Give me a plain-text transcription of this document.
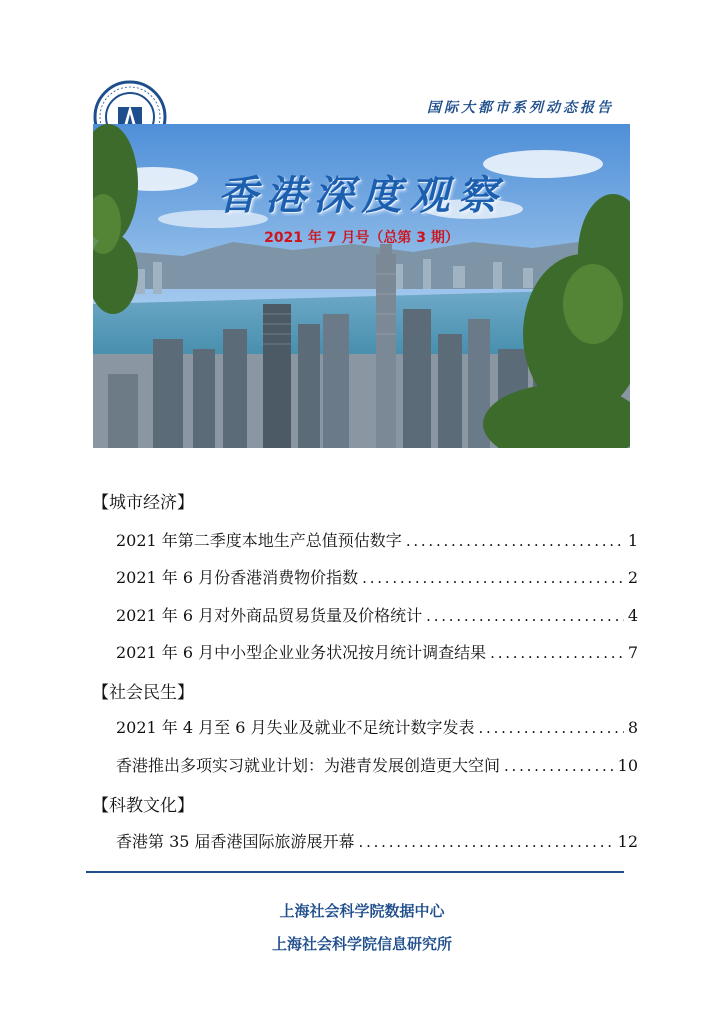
国际大都市系列动态报告
香港深度观察
2021 年 7 月号（总第 3 期）
【城市经济】
2021 年第二季度本地生产总值预估数字 . . .	1
2021 年 6 月份香港消费物价指数 . . .	2
2021 年 6 月对外商品贸易货量及价格统计 . . .	4
2021 年 6 月中小型企业业务状况按月统计调查结果 . . .	7
【社会民生】
2021 年 4 月至 6 月失业及就业不足统计数字发表 . . .	8
香港推出多项实习就业计划：为港青发展创造更大空间 . . .	10
【科教文化】
香港第 35 届香港国际旅游展开幕 . . .	12
上海社会科学院数据中心
上海社会科学院信息研究所
